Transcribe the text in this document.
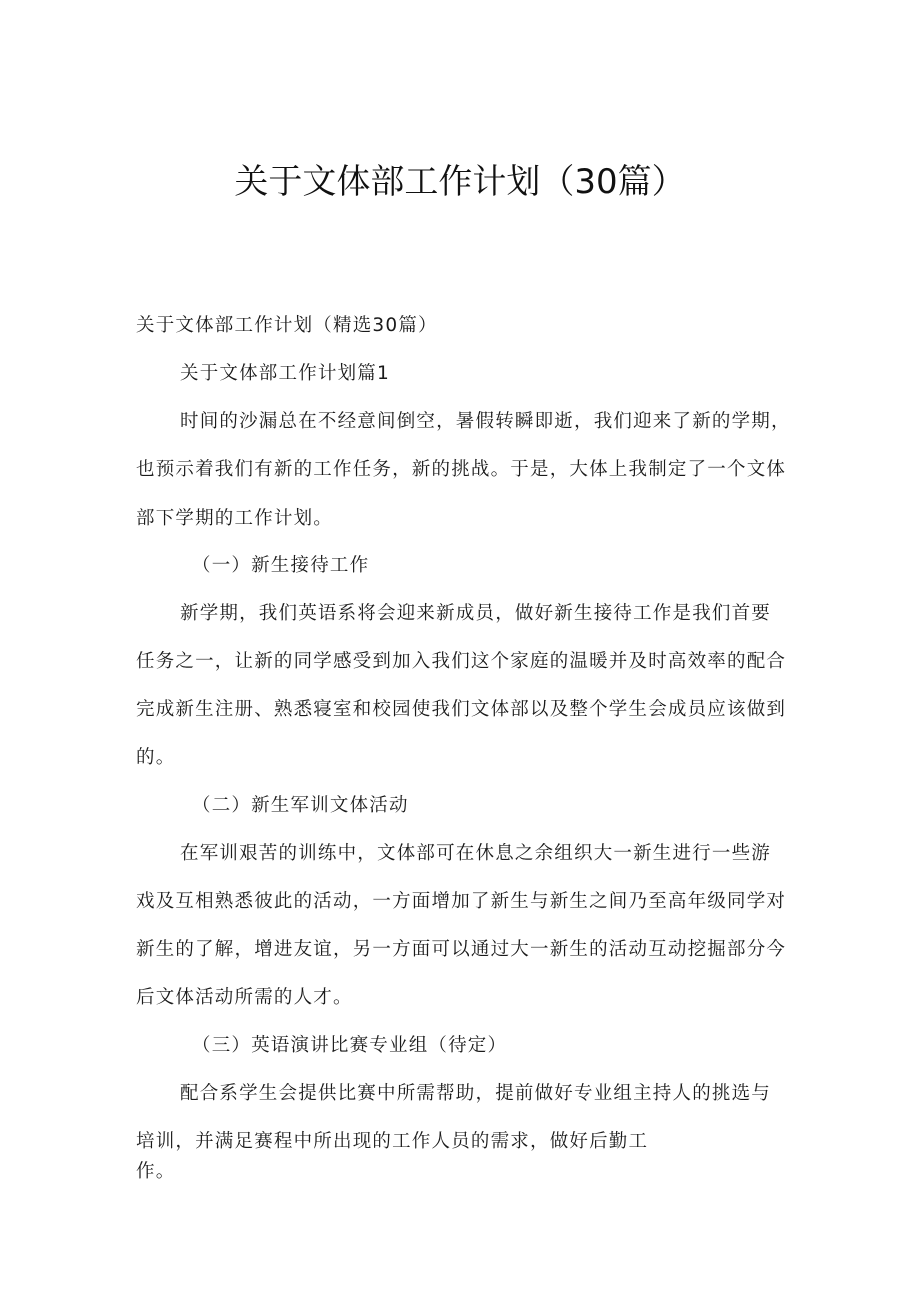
关于文体部工作计划（30篇）
关于文体部工作计划（精选30篇）
关于文体部工作计划篇1
时间的沙漏总在不经意间倒空，暑假转瞬即逝，我们迎来了新的学期，
也预示着我们有新的工作任务，新的挑战。于是，大体上我制定了一个文体
部下学期的工作计划。
（一）新生接待工作
新学期，我们英语系将会迎来新成员，做好新生接待工作是我们首要
任务之一，让新的同学感受到加入我们这个家庭的温暖并及时高效率的配合
完成新生注册、熟悉寝室和校园使我们文体部以及整个学生会成员应该做到
的。
（二）新生军训文体活动
在军训艰苦的训练中，文体部可在休息之余组织大一新生进行一些游
戏及互相熟悉彼此的活动，一方面增加了新生与新生之间乃至高年级同学对
新生的了解，增进友谊，另一方面可以通过大一新生的活动互动挖掘部分今
后文体活动所需的人才。
（三）英语演讲比赛专业组（待定）
配合系学生会提供比赛中所需帮助，提前做好专业组主持人的挑选与
培训，并满足赛程中所出现的工作人员的需求，做好后勤工
作。
